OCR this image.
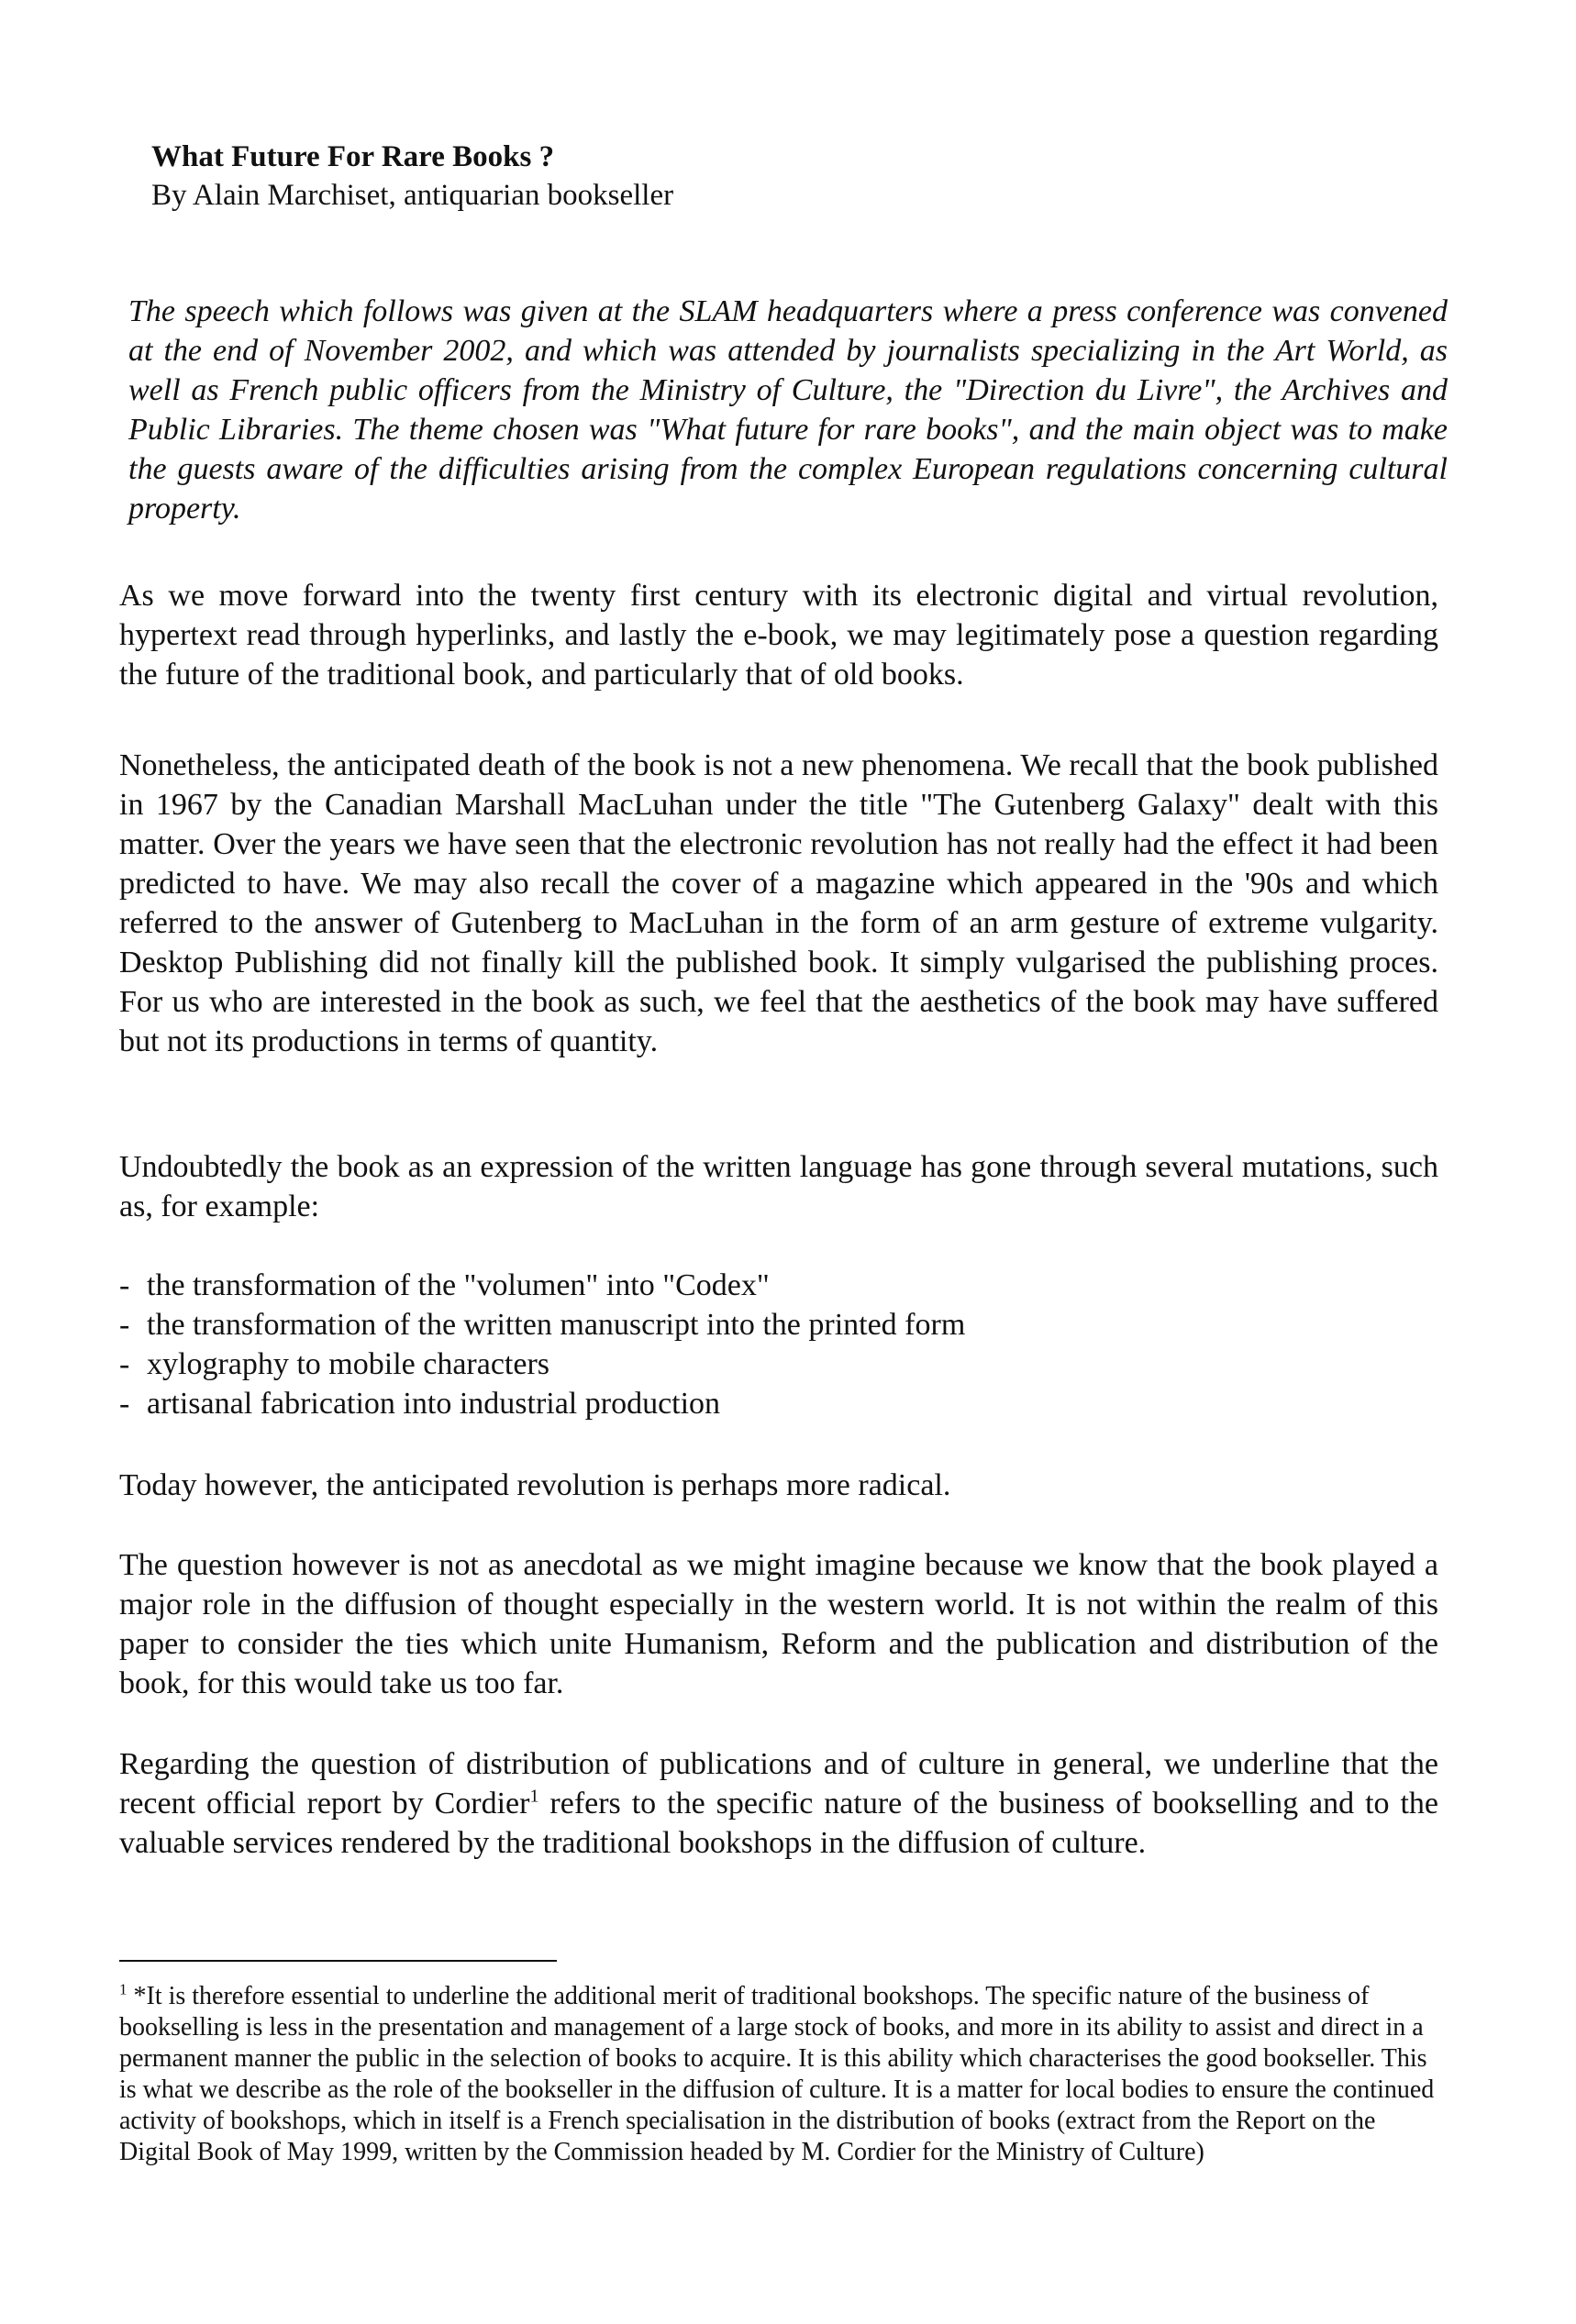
What Future For Rare Books ?
By Alain Marchiset, antiquarian bookseller

The speech which follows was given at the SLAM headquarters where a press conference was convened at the end of November 2002, and which was attended by journalists specializing in the Art World, as well as French public officers from the Ministry of Culture, the "Direction du Livre", the Archives and Public Libraries. The theme chosen was "What future for rare books", and the main object was to make the guests aware of the difficulties arising from the complex European regulations concerning cultural property.

As we move forward into the twenty first century with its electronic digital and virtual revolution, hypertext read through hyperlinks, and lastly the e-book, we may legitimately pose a question regarding the future of the traditional book, and particularly that of old books.

Nonetheless, the anticipated death of the book is not a new phenomena. We recall that the book published in 1967 by the Canadian Marshall MacLuhan under the title "The Gutenberg Galaxy" dealt with this matter. Over the years we have seen that the electronic revolution has not really had the effect it had been predicted to have. We may also recall the cover of a magazine which appeared in the '90s and which referred to the answer of Gutenberg to MacLuhan in the form of an arm gesture of extreme vulgarity. Desktop Publishing did not finally kill the published book. It simply vulgarised the publishing proces. For us who are interested in the book as such, we feel that the aesthetics of the book may have suffered but not its productions in terms of quantity.

Undoubtedly the book as an expression of the written language has gone through several mutations, such as, for example:

- the transformation of the "volumen" into "Codex"
- the transformation of the written manuscript into the printed form
- xylography to mobile characters
- artisanal fabrication into industrial production

Today however, the anticipated revolution is perhaps more radical.

The question however is not as anecdotal as we might imagine because we know that the book played a major role in the diffusion of thought especially in the western world. It is not within the realm of this paper to consider the ties which unite Humanism, Reform and the publication and distribution of the book, for this would take us too far.

Regarding the question of distribution of publications and of culture in general, we underline that the recent official report by Cordier$^1$ refers to the specific nature of the business of bookselling and to the valuable services rendered by the traditional bookshops in the diffusion of culture.

$^1$ *It is therefore essential to underline the additional merit of traditional bookshops. The specific nature of the business of bookselling is less in the presentation and management of a large stock of books, and more in its ability to assist and direct in a permanent manner the public in the selection of books to acquire. It is this ability which characterises the good bookseller. This is what we describe as the role of the bookseller in the diffusion of culture. It is a matter for local bodies to ensure the continued activity of bookshops, which in itself is a French specialisation in the distribution of books (extract from the Report on the Digital Book of May 1999, written by the Commission headed by M. Cordier for the Ministry of Culture)
